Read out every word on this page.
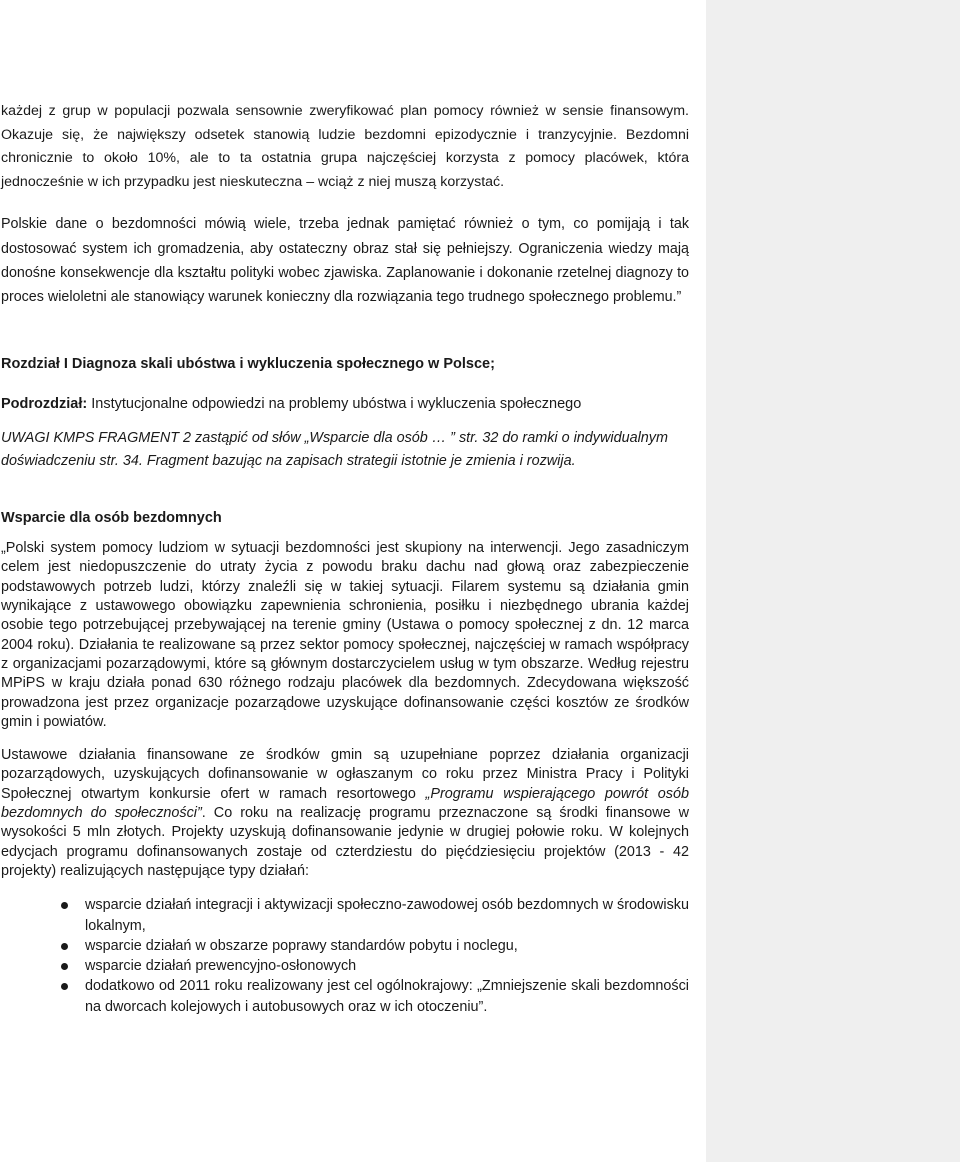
każdej z grup w populacji pozwala sensownie zweryfikować plan pomocy również w sensie finansowym. Okazuje się, że największy odsetek stanowią ludzie bezdomni epizodycznie i tranzycyjnie. Bezdomni chronicznie to około 10%, ale to ta ostatnia grupa najczęściej korzysta z pomocy placówek, która jednocześnie w ich przypadku jest nieskuteczna – wciąż z niej muszą korzystać.

Polskie dane o bezdomności mówią wiele, trzeba jednak pamiętać również o tym, co pomijają i tak dostosować system ich gromadzenia, aby ostateczny obraz stał się pełniejszy. Ograniczenia wiedzy mają donośne konsekwencje dla kształtu polityki wobec zjawiska. Zaplanowanie i dokonanie rzetelnej diagnozy to proces wieloletni ale stanowiący warunek konieczny dla rozwiązania tego trudnego społecznego problemu.”

Rozdział I Diagnoza skali ubóstwa i wykluczenia społecznego w Polsce;
Podrozdział: Instytucjonalne odpowiedzi na problemy ubóstwa i wykluczenia społecznego

UWAGI KMPS FRAGMENT 2 zastąpić od słów „Wsparcie dla osób … ” str. 32 do ramki o indywidualnym doświadczeniu str. 34. Fragment bazując na zapisach strategii istotnie je zmienia i rozwija.

Wsparcie dla osób bezdomnych

„Polski system pomocy ludziom w sytuacji bezdomności jest skupiony na interwencji. Jego zasadniczym celem jest niedopuszczenie do utraty życia z powodu braku dachu nad głową oraz zabezpieczenie podstawowych potrzeb ludzi, którzy znaleźli się w takiej sytuacji. Filarem systemu są działania gmin wynikające z ustawowego obowiązku zapewnienia schronienia, posiłku i niezbędnego ubrania każdej osobie tego potrzebującej przebywającej na terenie gminy (Ustawa o pomocy społecznej z dn. 12 marca 2004 roku). Działania te realizowane są przez sektor pomocy społecznej, najczęściej w ramach współpracy z organizacjami pozarządowymi, które są głównym dostarczycielem usług w tym obszarze. Według rejestru MPiPS w kraju działa ponad 630 różnego rodzaju placówek dla bezdomnych. Zdecydowana większość prowadzona jest przez organizacje pozarządowe uzyskujące dofinansowanie części kosztów ze środków gmin i powiatów.

Ustawowe działania finansowane ze środków gmin są uzupełniane poprzez działania organizacji pozarządowych, uzyskujących dofinansowanie w ogłaszanym co roku przez Ministra Pracy i Polityki Społecznej otwartym konkursie ofert w ramach resortowego „Programu wspierającego powrót osób bezdomnych do społeczności”. Co roku na realizację programu przeznaczone są środki finansowe w wysokości 5 mln złotych. Projekty uzyskują dofinansowanie jedynie w drugiej połowie roku. W kolejnych edycjach programu dofinansowanych zostaje od czterdziestu do pięćdziesięciu projektów (2013 - 42 projekty) realizujących następujące typy działań:

wsparcie działań integracji i aktywizacji społeczno-zawodowej osób bezdomnych w środowisku lokalnym,
wsparcie działań w obszarze poprawy standardów pobytu i noclegu,
wsparcie działań prewencyjno-osłonowych
dodatkowo od 2011 roku realizowany jest cel ogólnokrajowy: „Zmniejszenie skali bezdomności na dworcach kolejowych i autobusowych oraz w ich otoczeniu”.
